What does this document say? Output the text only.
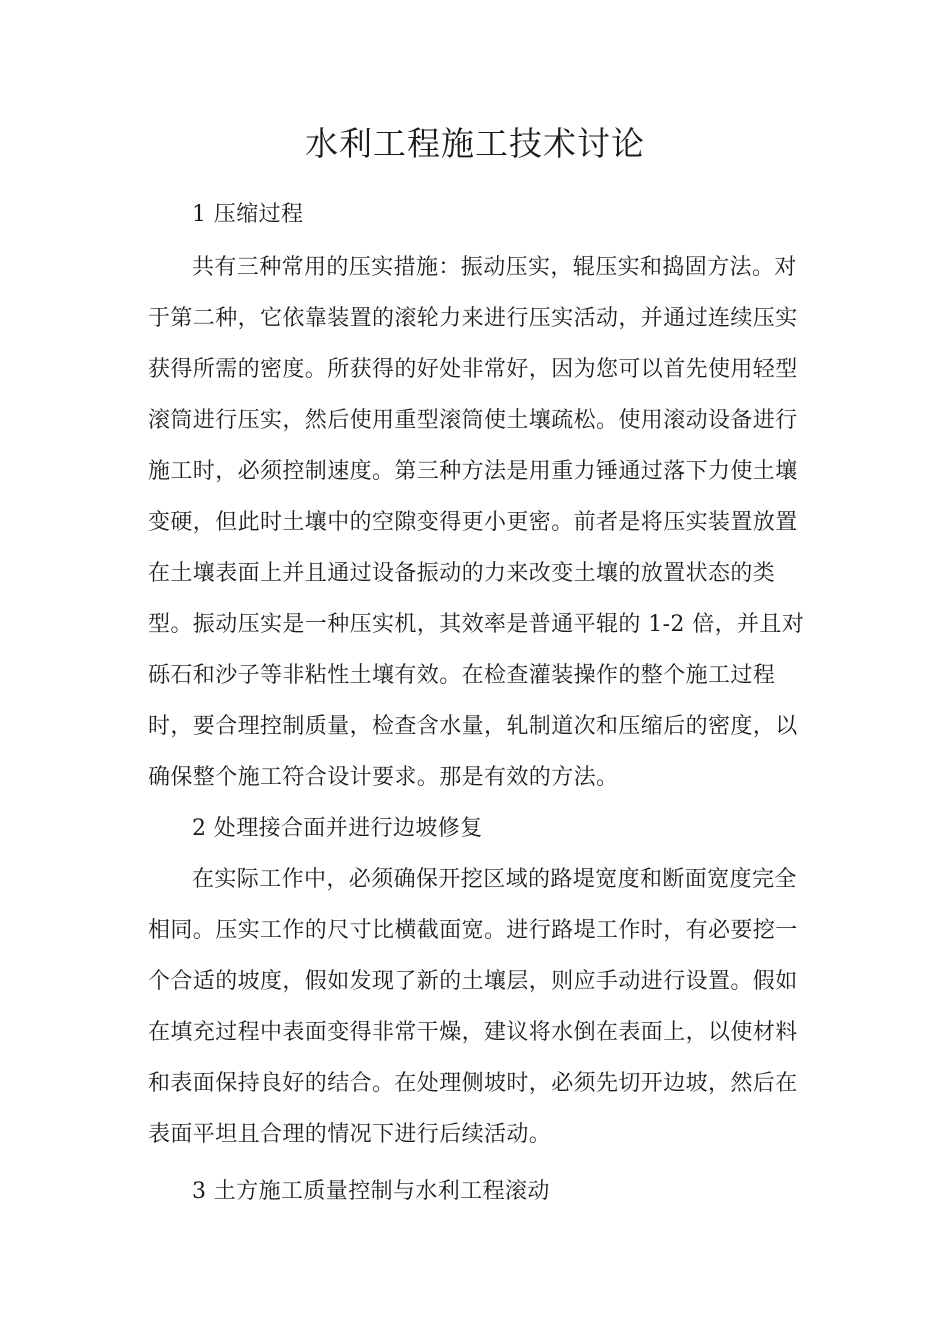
水利工程施工技术讨论
1 压缩过程
共有三种常用的压实措施：振动压实，辊压实和捣固方法。对
于第二种，它依靠装置的滚轮力来进行压实活动，并通过连续压实
获得所需的密度。所获得的好处非常好，因为您可以首先使用轻型
滚筒进行压实，然后使用重型滚筒使土壤疏松。使用滚动设备进行
施工时，必须控制速度。第三种方法是用重力锤通过落下力使土壤
变硬，但此时土壤中的空隙变得更小更密。前者是将压实装置放置
在土壤表面上并且通过设备振动的力来改变土壤的放置状态的类
型。振动压实是一种压实机，其效率是普通平辊的 1-2 倍，并且对
砾石和沙子等非粘性土壤有效。在检查灌装操作的整个施工过程
时，要合理控制质量，检查含水量，轧制道次和压缩后的密度，以
确保整个施工符合设计要求。那是有效的方法。
2 处理接合面并进行边坡修复
在实际工作中，必须确保开挖区域的路堤宽度和断面宽度完全
相同。压实工作的尺寸比横截面宽。进行路堤工作时，有必要挖一
个合适的坡度，假如发现了新的土壤层，则应手动进行设置。假如
在填充过程中表面变得非常干燥，建议将水倒在表面上，以使材料
和表面保持良好的结合。在处理侧坡时，必须先切开边坡，然后在
表面平坦且合理的情况下进行后续活动。
3 土方施工质量控制与水利工程滚动
